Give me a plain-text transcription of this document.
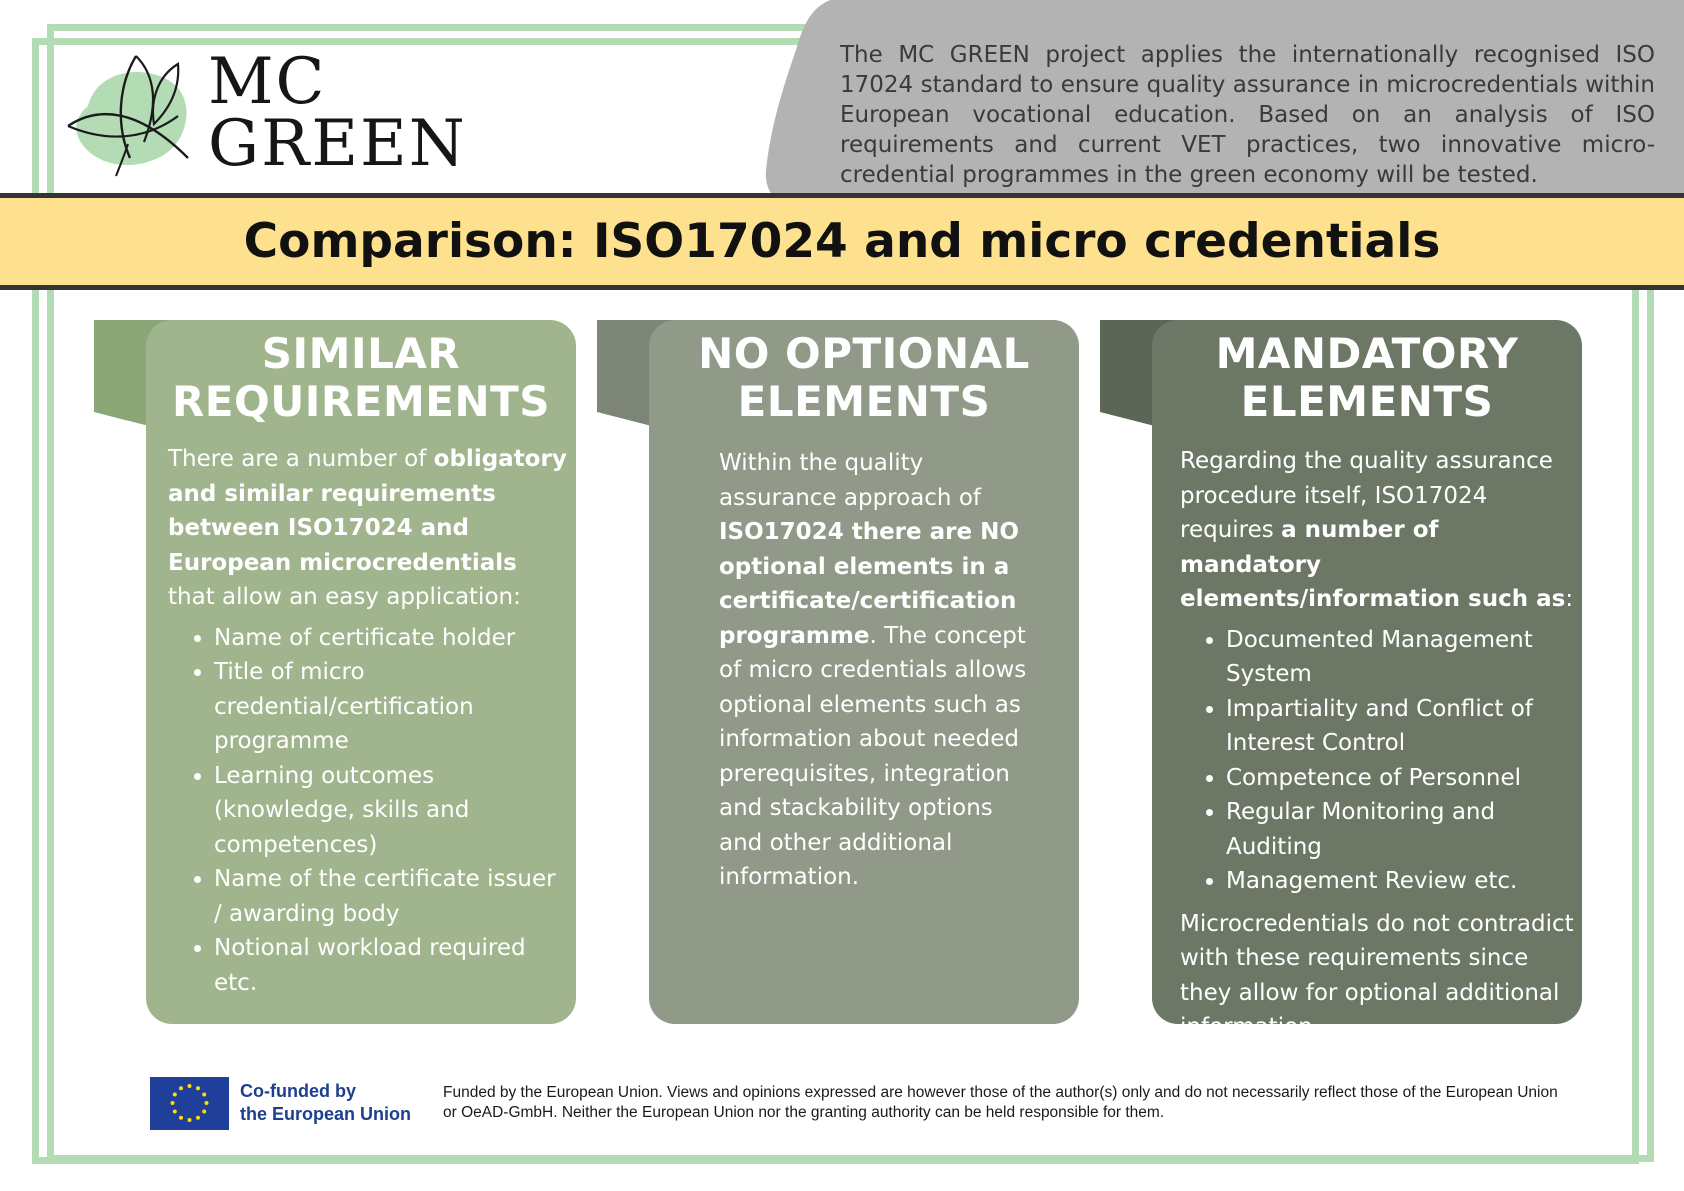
MC
GREEN
The MC GREEN project applies the internationally recognised ISO 17024 standard to ensure quality assurance in microcredentials within European vocational education. Based on an analysis of ISO requirements and current VET practices, two innovative micro-credential programmes in the green economy will be tested.
Comparison: ISO17024 and micro credentials
SIMILAR
REQUIREMENTS

There are a number of obligatory and similar requirements between ISO17024 and European microcredentials that allow an easy application:

• Name of certificate holder
• Title of micro credential/certification programme
• Learning outcomes (knowledge, skills and competences)
• Name of the certificate issuer / awarding body
• Notional workload required etc.
NO OPTIONAL
ELEMENTS

Within the quality assurance approach of ISO17024 there are NO optional elements in a certificate/certification programme. The concept of micro credentials allows optional elements such as information about needed prerequisites, integration and stackability options and other additional information.

MANDATORY
ELEMENTS

Regarding the quality assurance procedure itself, ISO17024 requires a number of mandatory elements/information such as:

• Documented Management System
• Impartiality and Conflict of Interest Control
• Competence of Personnel
• Regular Monitoring and Auditing
• Management Review etc.

Microcredentials do not contradict with these requirements since they allow for optional additional information.

Co-funded by
the European Union
Funded by the European Union. Views and opinions expressed are however those of the author(s) only and do not necessarily reflect those of the European Union or OeAD-GmbH. Neither the European Union nor the granting authority can be held responsible for them.
